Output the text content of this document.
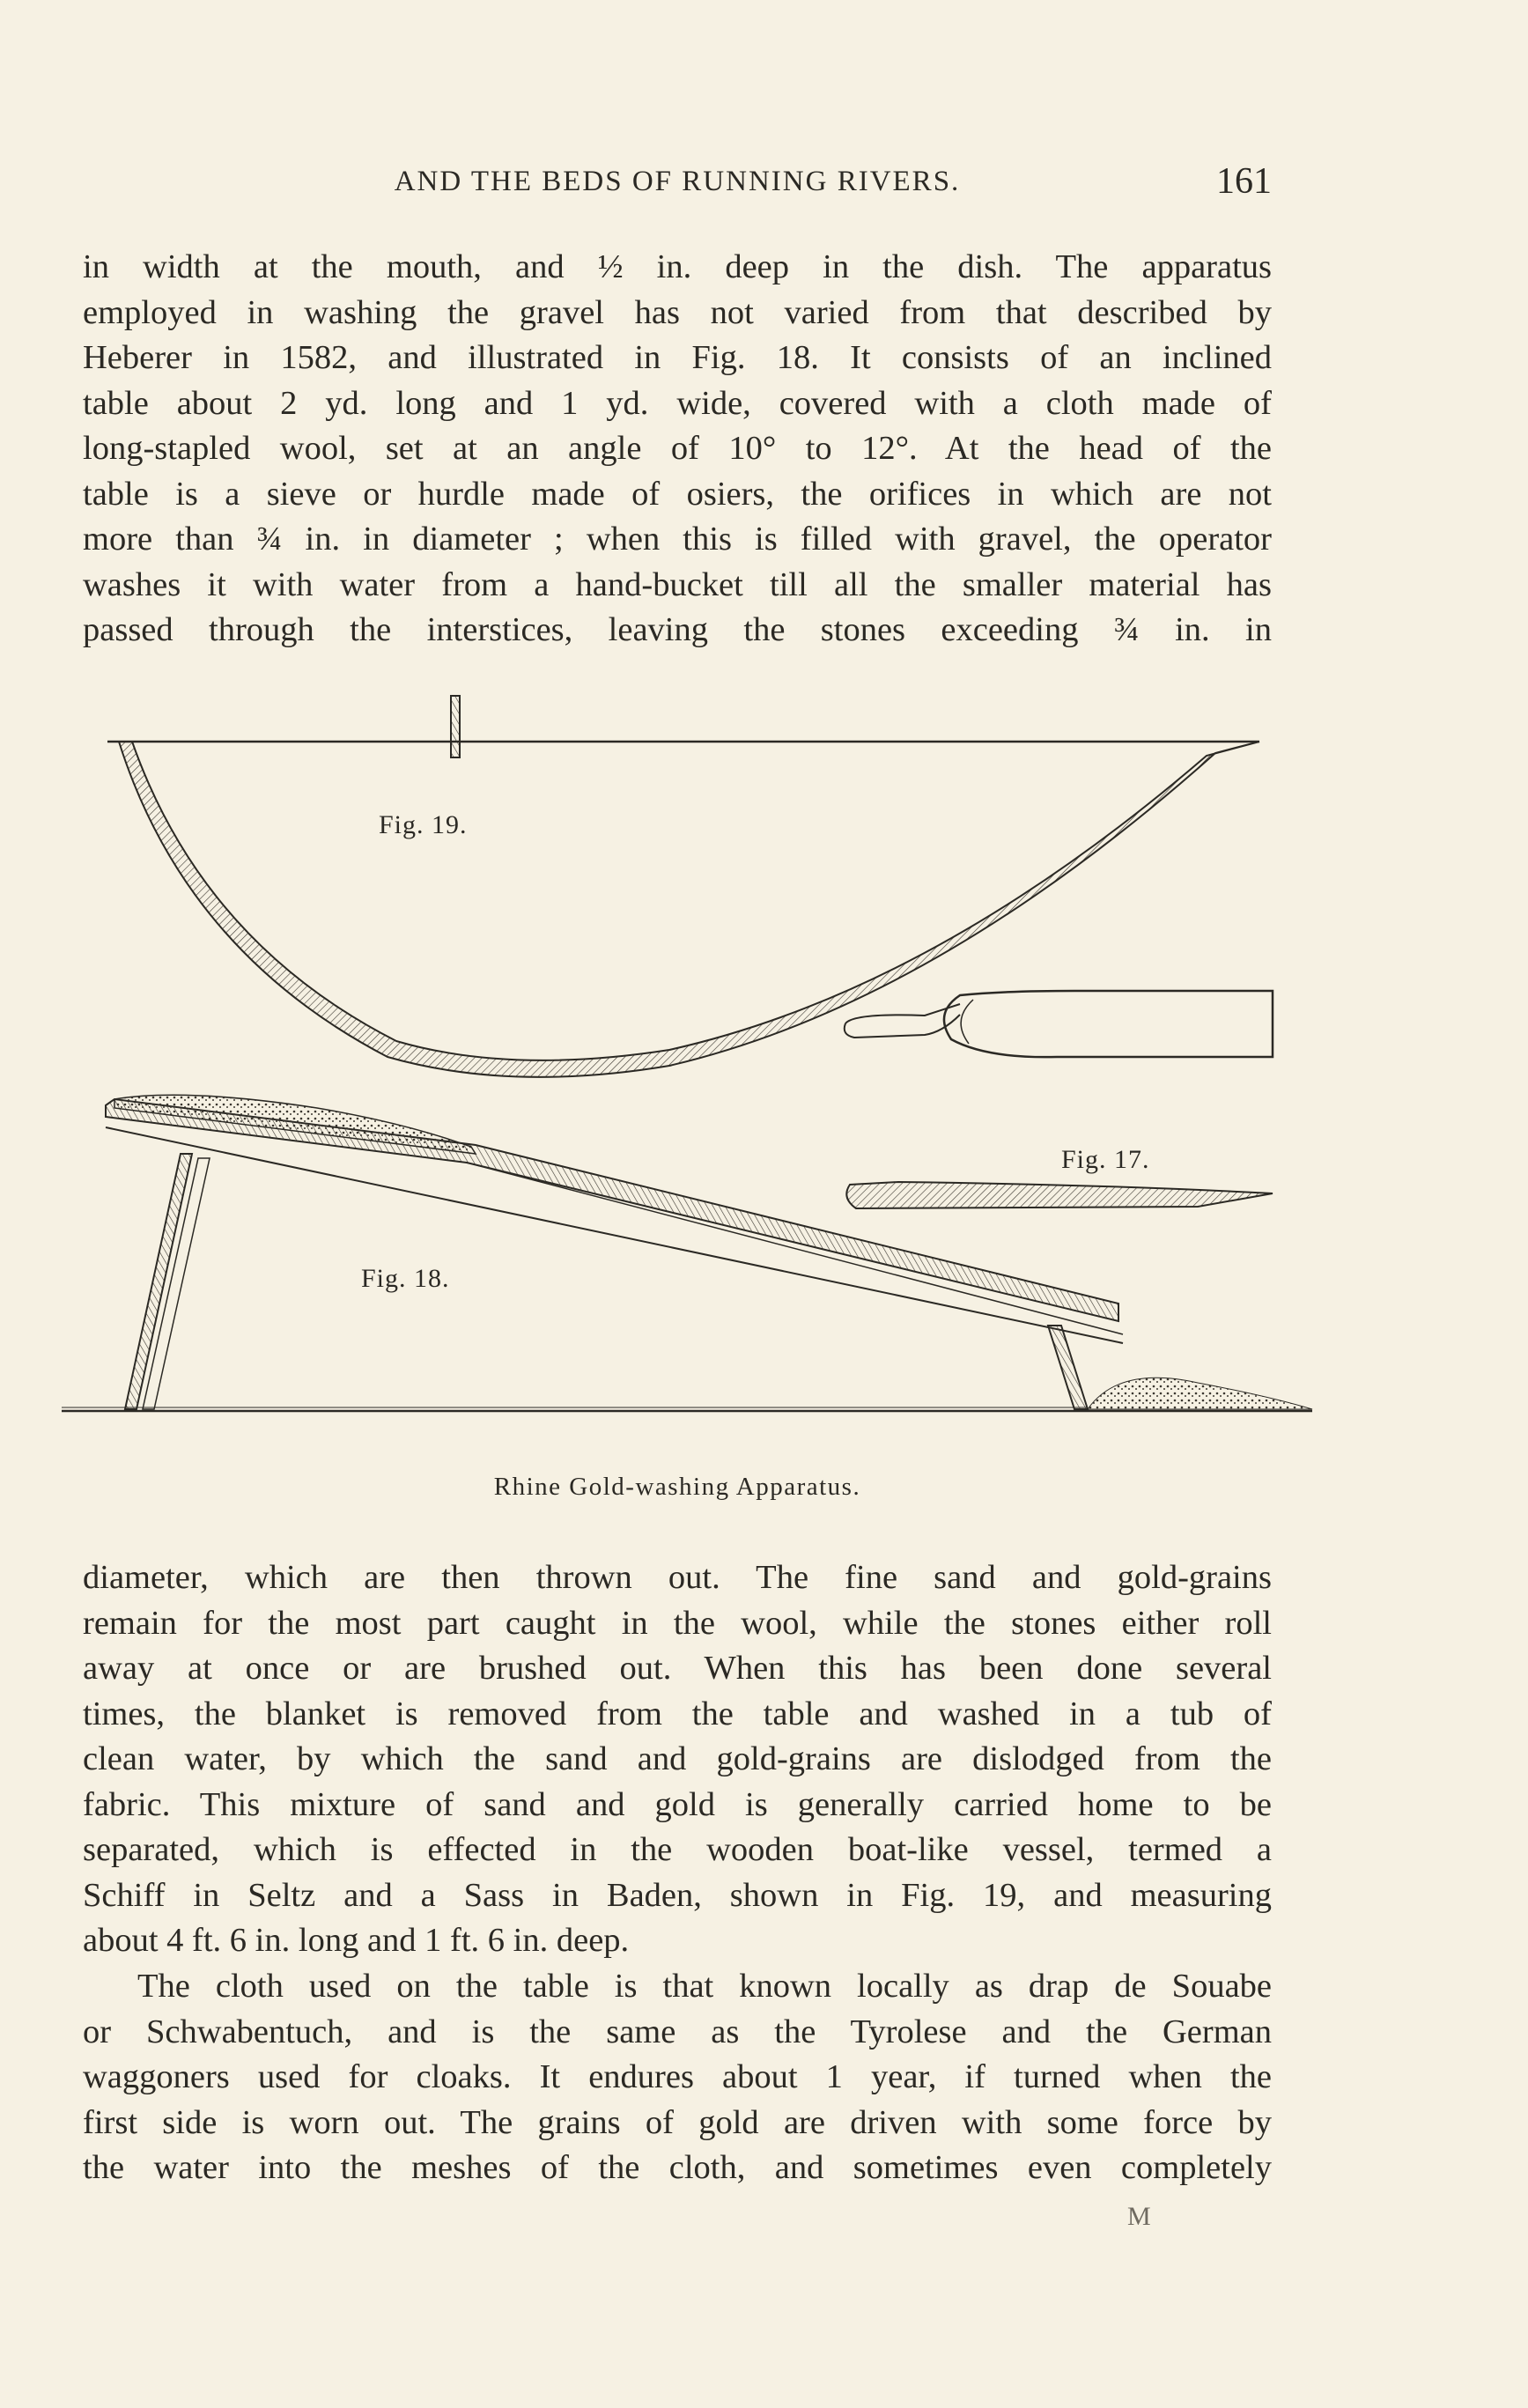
AND THE BEDS OF RUNNING RIVERS.	161
in width at the mouth, and ½ in. deep in the dish. The apparatus
employed in washing the gravel has not varied from that described by
Heberer in 1582, and illustrated in Fig. 18. It consists of an inclined
table about 2 yd. long and 1 yd. wide, covered with a cloth made of
long-stapled wool, set at an angle of 10° to 12°. At the head of the
table is a sieve or hurdle made of osiers, the orifices in which are not
more than ¾ in. in diameter ; when this is filled with gravel, the operator
washes it with water from a hand-bucket till all the smaller material has
passed through the interstices, leaving the stones exceeding ¾ in. in
Fig. 19.
Fig. 17.
Fig. 18.
Rhine Gold-washing Apparatus.
diameter, which are then thrown out. The fine sand and gold-grains
remain for the most part caught in the wool, while the stones either roll
away at once or are brushed out. When this has been done several
times, the blanket is removed from the table and washed in a tub of
clean water, by which the sand and gold-grains are dislodged from the
fabric. This mixture of sand and gold is generally carried home to be
separated, which is effected in the wooden boat-like vessel, termed a
Schiff in Seltz and a Sass in Baden, shown in Fig. 19, and measuring
about 4 ft. 6 in. long and 1 ft. 6 in. deep.
The cloth used on the table is that known locally as drap de Souabe
or Schwabentuch, and is the same as the Tyrolese and the German
waggoners used for cloaks. It endures about 1 year, if turned when the
first side is worn out. The grains of gold are driven with some force by
the water into the meshes of the cloth, and sometimes even completely
M
